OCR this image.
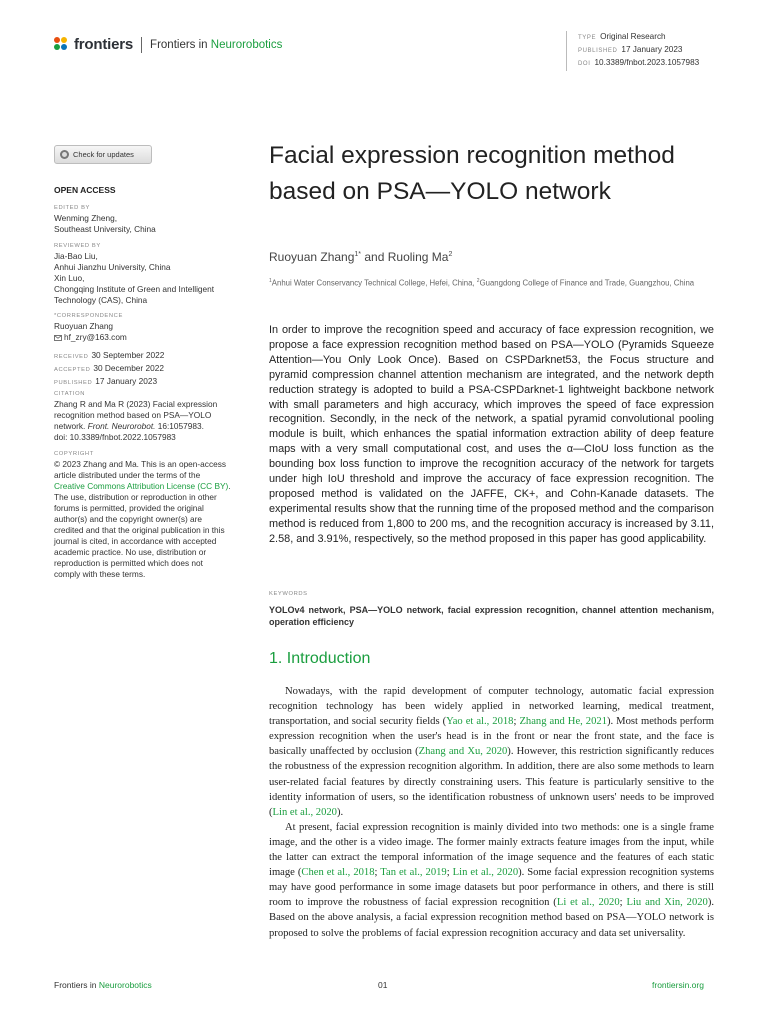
frontiers Frontiers in Neurorobotics
TYPE Original Research
PUBLISHED 17 January 2023
DOI 10.3389/fnbot.2023.1057983
Check for updates
OPEN ACCESS
EDITED BY
Wenming Zheng,
Southeast University, China
REVIEWED BY
Jia-Bao Liu,
Anhui Jianzhu University, China
Xin Luo,
Chongqing Institute of Green and Intelligent
Technology (CAS), China
*CORRESPONDENCE
Ruoyuan Zhang
hf_zry@163.com
RECEIVED 30 September 2022
ACCEPTED 30 December 2022
PUBLISHED 17 January 2023
CITATION
Zhang R and Ma R (2023) Facial expression
recognition method based on PSA—YOLO
network. Front. Neurorobot. 16:1057983.
doi: 10.3389/fnbot.2022.1057983
COPYRIGHT
© 2023 Zhang and Ma. This is an open-access
article distributed under the terms of the
Creative Commons Attribution License (CC BY).
The use, distribution or reproduction in other
forums is permitted, provided the original
author(s) and the copyright owner(s) are
credited and that the original publication in this
journal is cited, in accordance with accepted
academic practice. No use, distribution or
reproduction is permitted which does not
comply with these terms.
Facial expression recognition method based on PSA—YOLO network
Ruoyuan Zhang$^{1*}$ and Ruoling Ma$^2$
$^1$Anhui Water Conservancy Technical College, Hefei, China, $^2$Guangdong College of Finance and Trade, Guangzhou, China
In order to improve the recognition speed and accuracy of face expression recognition, we propose a face expression recognition method based on PSA—YOLO (Pyramids Squeeze Attention—You Only Look Once). Based on CSPDarknet53, the Focus structure and pyramid compression channel attention mechanism are integrated, and the network depth reduction strategy is adopted to build a PSA-CSPDarknet-1 lightweight backbone network with small parameters and high accuracy, which improves the speed of face expression recognition. Secondly, in the neck of the network, a spatial pyramid convolutional pooling module is built, which enhances the spatial information extraction ability of deep feature maps with a very small computational cost, and uses the α—CIoU loss function as the bounding box loss function to improve the recognition accuracy of the network for targets under high IoU threshold and improve the accuracy of face expression recognition. The proposed method is validated on the JAFFE, CK+, and Cohn-Kanade datasets. The experimental results show that the running time of the proposed method and the comparison method is reduced from 1,800 to 200 ms, and the recognition accuracy is increased by 3.11, 2.58, and 3.91%, respectively, so the method proposed in this paper has good applicability.
KEYWORDS
YOLOv4 network, PSA—YOLO network, facial expression recognition, channel attention mechanism, operation efficiency
1. Introduction

Nowadays, with the rapid development of computer technology, automatic facial expression recognition technology has been widely applied in networked learning, medical treatment, transportation, and social security fields (Yao et al., 2018; Zhang and He, 2021). Most methods perform expression recognition when the user's head is in the front or near the front state, and the face is basically unaffected by occlusion (Zhang and Xu, 2020). However, this restriction significantly reduces the robustness of the expression recognition algorithm. In addition, there are also some methods to learn user-related facial features by directly constraining users. This feature is particularly sensitive to the identity information of users, so the identification robustness of unknown users' needs to be improved (Lin et al., 2020).

At present, facial expression recognition is mainly divided into two methods: one is a single frame image, and the other is a video image. The former mainly extracts feature images from the input, while the latter can extract the temporal information of the image sequence and the features of each static image (Chen et al., 2018; Tan et al., 2019; Lin et al., 2020). Some facial expression recognition systems may have good performance in some image datasets but poor performance in others, and there is still room to improve the robustness of facial expression recognition (Li et al., 2020; Liu and Xin, 2020). Based on the above analysis, a facial expression recognition method based on PSA—YOLO network is proposed to solve the problems of facial expression recognition accuracy and data set universality.

Frontiers in Neurorobotics	01	frontiersin.org
